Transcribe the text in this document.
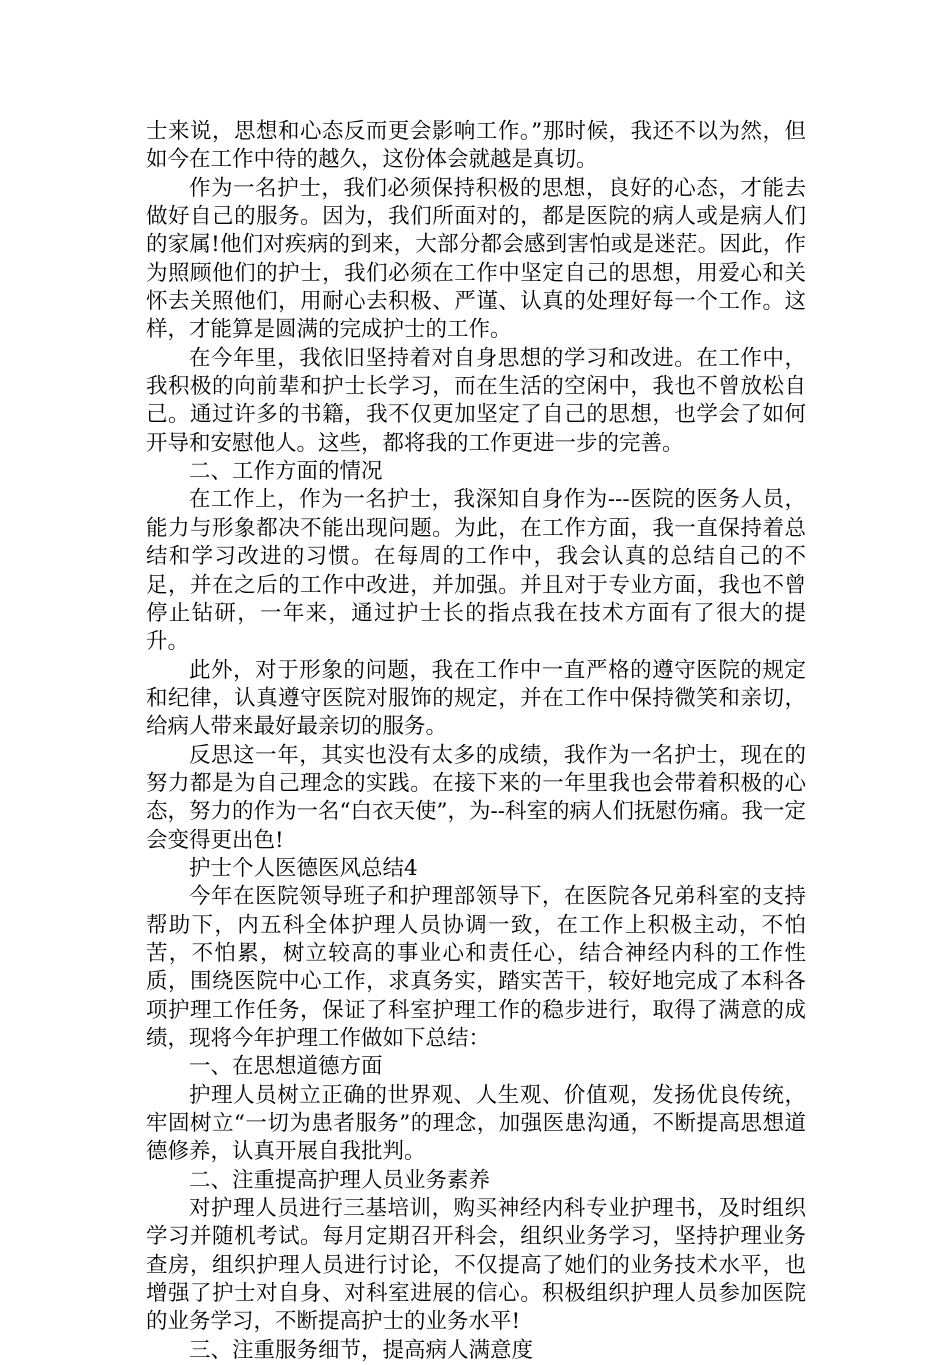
士来说，思想和心态反而更会影响工作。”那时候，我还不以为然，但如今在工作中待的越久，这份体会就越是真切。

作为一名护士，我们必须保持积极的思想，良好的心态，才能去做好自己的服务。因为，我们所面对的，都是医院的病人或是病人们的家属!他们对疾病的到来，大部分都会感到害怕或是迷茫。因此，作为照顾他们的护士，我们必须在工作中坚定自己的思想，用爱心和关怀去关照他们，用耐心去积极、严谨、认真的处理好每一个工作。这样，才能算是圆满的完成护士的工作。

在今年里，我依旧坚持着对自身思想的学习和改进。在工作中，我积极的向前辈和护士长学习，而在生活的空闲中，我也不曾放松自己。通过许多的书籍，我不仅更加坚定了自己的思想，也学会了如何开导和安慰他人。这些，都将我的工作更进一步的完善。

二、工作方面的情况

在工作上，作为一名护士，我深知自身作为---医院的医务人员，能力与形象都决不能出现问题。为此，在工作方面，我一直保持着总结和学习改进的习惯。在每周的工作中，我会认真的总结自己的不足，并在之后的工作中改进，并加强。并且对于专业方面，我也不曾停止钻研，一年来，通过护士长的指点我在技术方面有了很大的提升。

此外，对于形象的问题，我在工作中一直严格的遵守医院的规定和纪律，认真遵守医院对服饰的规定，并在工作中保持微笑和亲切，给病人带来最好最亲切的服务。

反思这一年，其实也没有太多的成绩，我作为一名护士，现在的努力都是为自己理念的实践。在接下来的一年里我也会带着积极的心态，努力的作为一名“白衣天使”，为--科室的病人们抚慰伤痛。我一定会变得更出色!

护士个人医德医风总结4

今年在医院领导班子和护理部领导下，在医院各兄弟科室的支持帮助下，内五科全体护理人员协调一致，在工作上积极主动，不怕苦，不怕累，树立较高的事业心和责任心，结合神经内科的工作性质，围绕医院中心工作，求真务实，踏实苦干，较好地完成了本科各项护理工作任务，保证了科室护理工作的稳步进行，取得了满意的成绩，现将今年护理工作做如下总结：

一、在思想道德方面

护理人员树立正确的世界观、人生观、价值观，发扬优良传统，牢固树立“一切为患者服务”的理念，加强医患沟通，不断提高思想道德修养，认真开展自我批判。

二、注重提高护理人员业务素养

对护理人员进行三基培训，购买神经内科专业护理书，及时组织学习并随机考试。每月定期召开科会，组织业务学习，坚持护理业务查房，组织护理人员进行讨论，不仅提高了她们的业务技术水平，也增强了护士对自身、对科室进展的信心。积极组织护理人员参加医院的业务学习，不断提高护士的业务水平!

三、注重服务细节，提高病人满意度
